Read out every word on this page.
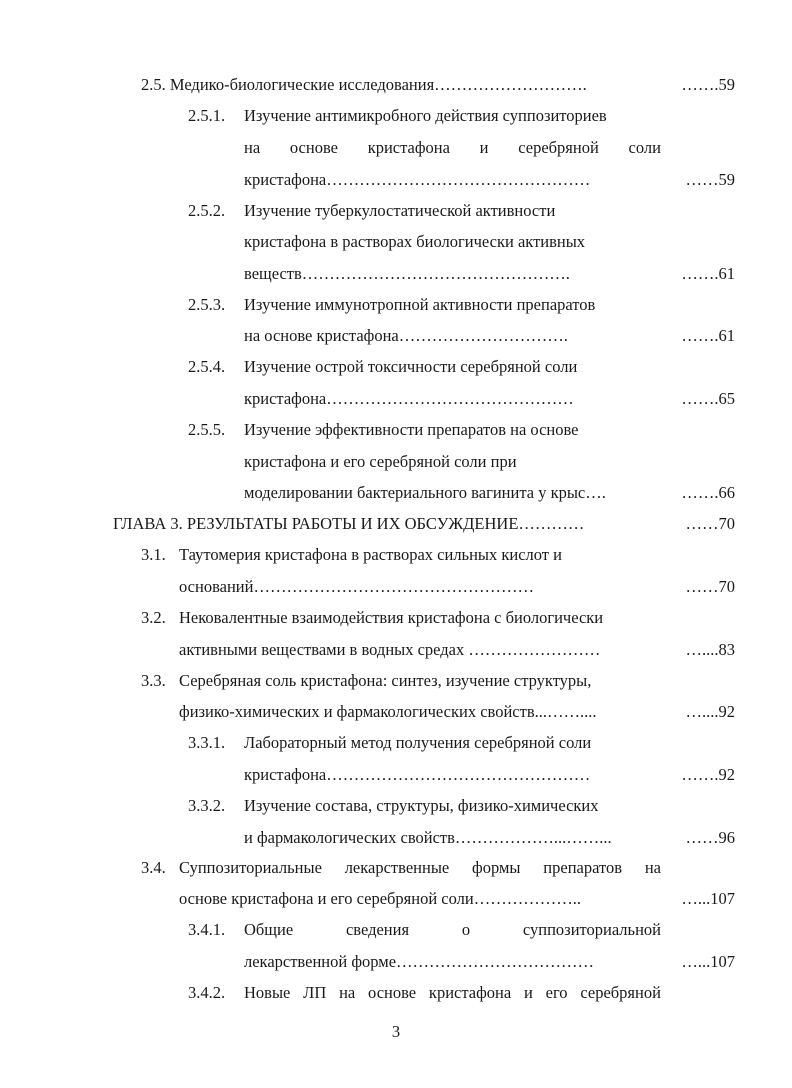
2.5. Медико-биологические исследования……………………….	…….59
2.5.1. Изучение антимикробного действия суппозиториев
на основе кристафона и серебряной соли
кристафона…………………………………………	……59
2.5.2. Изучение туберкулостатической активности
кристафона в растворах биологически активных
веществ………………………………………….	…….61
2.5.3. Изучение иммунотропной активности препаратов
на основе кристафона………………………….	…….61
2.5.4. Изучение острой токсичности серебряной соли
кристафона………………………………………	…….65
2.5.5. Изучение эффективности препаратов на основе
кристафона и его серебряной соли при
моделировании бактериального вагинита у крыс….	…….66
ГЛАВА 3. РЕЗУЛЬТАТЫ РАБОТЫ И ИХ ОБСУЖДЕНИЕ…………	……70
3.1. Таутомерия кристафона в растворах сильных кислот и
оснований……………………………………………	……70
3.2. Нековалентные взаимодействия кристафона с биологически
активными веществами в водных средах ……………………	…....83
3.3. Серебряная соль кристафона: синтез, изучение структуры,
физико-химических и фармакологических свойств...……....	…....92
3.3.1. Лабораторный метод получения серебряной соли
кристафона…………………………………………	…….92
3.3.2. Изучение состава, структуры, физико-химических
и фармакологических свойств………………...……...	……96
3.4. Суппозиториальные лекарственные формы препаратов на
основе кристафона и его серебряной соли………………..	…...107
3.4.1. Общие	сведения	о	суппозиториальной
лекарственной форме………………………………	…...107
3.4.2. Новые ЛП на основе кристафона и его серебряной
3
